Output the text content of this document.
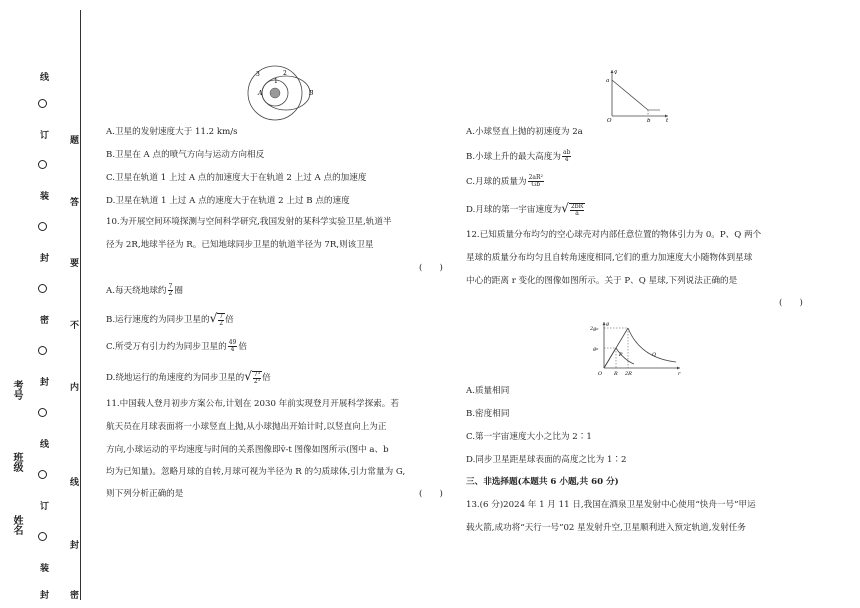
线
订
装
封
密
封
线
订
装
封
题
答
要
不
内
线
封
密
考号
班级
姓名
3	2
1
A	B
A.卫星的发射速度大于 11.2 km/s
B.卫星在 A 点的喷气方向与运动方向相反
C.卫星在轨道 1 上过 A 点的加速度大于在轨道 2 上过 A 点的加速度
D.卫星在轨道 1 上过 A 点的速度大于在轨道 2 上过 B 点的速度
10.为开展空间环境探测与空间科学研究,我国发射的某科学实验卫星,轨道半
径为 2R,地球半径为 R。已知地球同步卫星的轨道半径为 7R,则该卫星
(　　)
A.每天绕地球约 $\frac{7}{2}$ 圈
B.运行速度约为同步卫星的√ $\frac{7}{2}$ 倍
C.所受万有引力约为同步卫星的 $\frac{49}{4}$ 倍
D.绕地运行的角速度约为同步卫星的√ $\frac{\text{7³}}{\text{2³}}$ 倍
11.中国载人登月初步方案公布,计划在 2030 年前实现登月开展科学探索。若
航天员在月球表面将一小球竖直上抛,从小球抛出开始计时,以竖直向上为正
方向,小球运动的平均速度与时间的关系图像即v̄-t 图像如图所示(图中 a、b
均为已知量)。忽略月球的自转,月球可视为半径为 R 的匀质球体,引力常量为 G,
则下列分析正确的是	(　　)
v̄
a
O	b	t
A.小球竖直上抛的初速度为 2a
B.小球上升的最大高度为 $\frac{ab}{4}$
C.月球的质量为 $\frac{\text{2aR²}}{Gb}$
D.月球的第一宇宙速度为√ $\frac{2bR}{a}$
12.已知质量分布均匀的空心球壳对内部任意位置的物体引力为 0。P、Q 两个
星球的质量分布均匀且自转角速度相同,它们的重力加速度大小随物体到星球
中心的距离 r 变化的图像如图所示。关于 P、Q 星球,下列说法正确的是
(　　)
A.质量相同
B.密度相同
C.第一宇宙速度大小之比为 2∶1
D.同步卫星距星球表面的高度之比为 1∶2
三、非选择题(本题共 6 小题,共 60 分)
13.(6 分)2024 年 1 月 11 日,我国在酒泉卫星发射中心使用“快舟一号”甲运
载火箭,成功将“天行一号”02 星发射升空,卫星顺利进入预定轨道,发射任务
g
2g₀
g₀
P	Q
O R 2R	r
